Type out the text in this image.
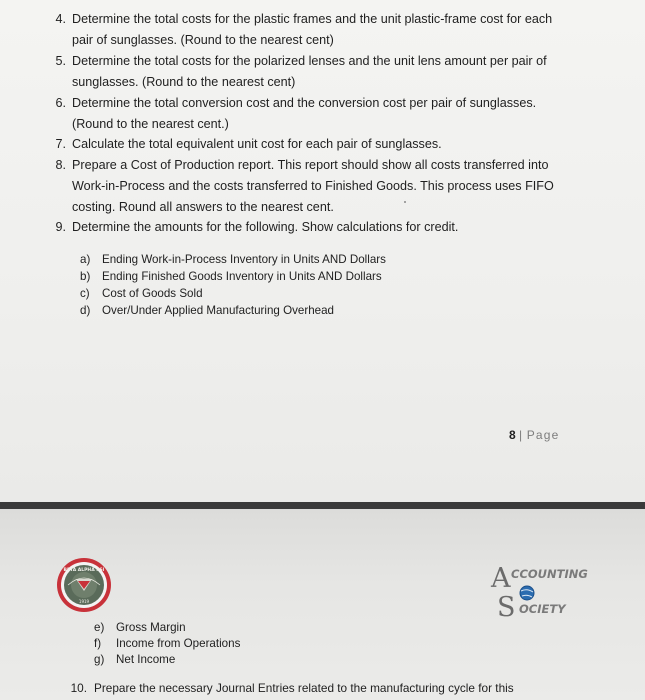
4. Determine the total costs for the plastic frames and the unit plastic-frame cost for each
pair of sunglasses. (Round to the nearest cent)
5. Determine the total costs for the polarized lenses and the unit lens amount per pair of
sunglasses. (Round to the nearest cent)
6. Determine the total conversion cost and the conversion cost per pair of sunglasses.
(Round to the nearest cent.)
7. Calculate the total equivalent unit cost for each pair of sunglasses.
8. Prepare a Cost of Production report. This report should show all costs transferred into
Work-in-Process and the costs transferred to Finished Goods. This process uses FIFO
costing. Round all answers to the nearest cent.
9. Determine the amounts for the following. Show calculations for credit.
a)	Ending Work-in-Process Inventory in Units AND Dollars
b)	Ending Finished Goods Inventory in Units AND Dollars
c)	Cost of Goods Sold
d)	Over/Under Applied Manufacturing Overhead
8 | Page
BETA ALPHA PSI
1919
A CCOUNTING
S OCIETY
e)	Gross Margin
f)	Income from Operations
g)	Net Income
10. Prepare the necessary Journal Entries related to the manufacturing cycle for this
